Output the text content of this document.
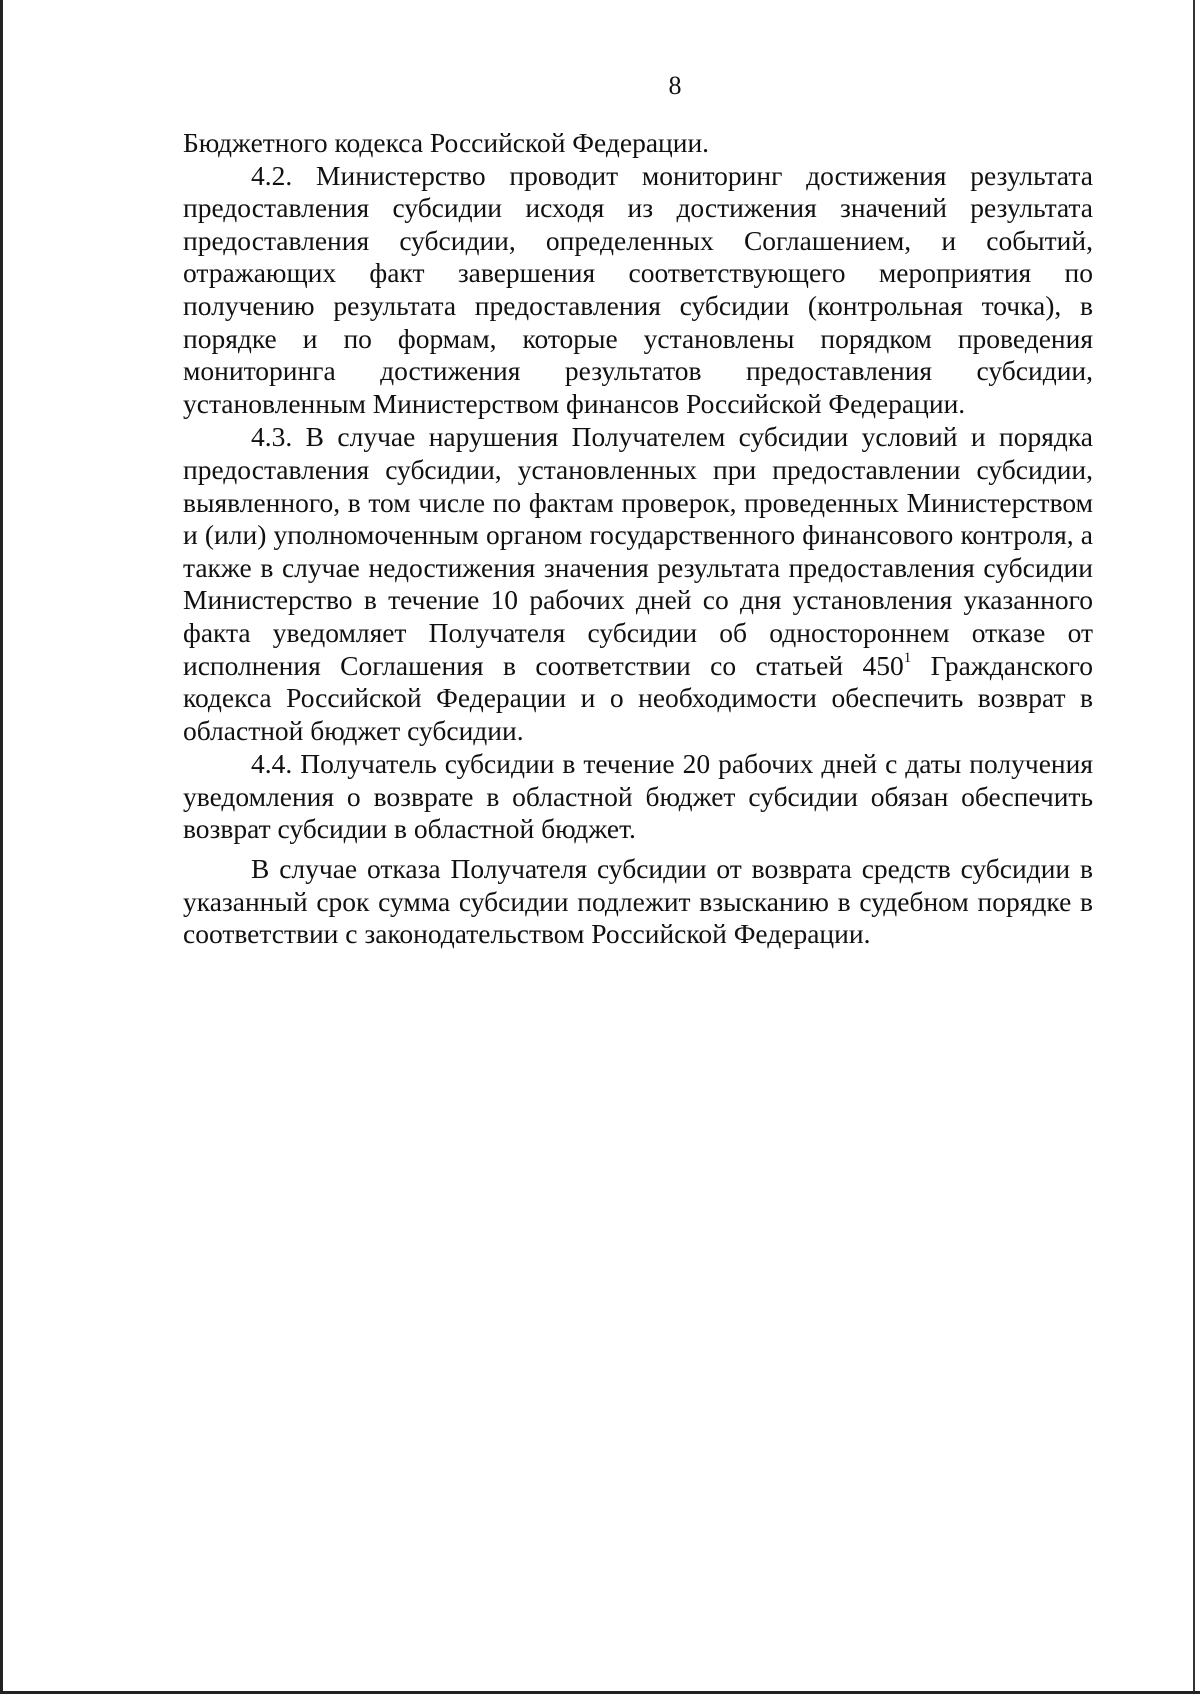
8

Бюджетного кодекса Российской Федерации.

4.2. Министерство проводит мониторинг достижения результата предоставления субсидии исходя из достижения значений результата предоставления субсидии, определенных Соглашением, и событий, отражающих факт завершения соответствующего мероприятия по получению результата предоставления субсидии (контрольная точка), в порядке и по формам, которые установлены порядком проведения мониторинга достижения результатов предоставления субсидии, установленным Министерством финансов Российской Федерации.

4.3. В случае нарушения Получателем субсидии условий и порядка предоставления субсидии, установленных при предоставлении субсидии, выявленного, в том числе по фактам проверок, проведенных Министерством и (или) уполномоченным органом государственного финансового контроля, а также в случае недостижения значения результата предоставления субсидии Министерство в течение 10 рабочих дней со дня установления указанного факта уведомляет Получателя субсидии об одностороннем отказе от исполнения Соглашения в соответствии со статьей $450^1$ Гражданского кодекса Российской Федерации и о необходимости обеспечить возврат в областной бюджет субсидии.

4.4. Получатель субсидии в течение 20 рабочих дней с даты получения уведомления о возврате в областной бюджет субсидии обязан обеспечить возврат субсидии в областной бюджет.

В случае отказа Получателя субсидии от возврата средств субсидии в указанный срок сумма субсидии подлежит взысканию в судебном порядке в соответствии с законодательством Российской Федерации.
